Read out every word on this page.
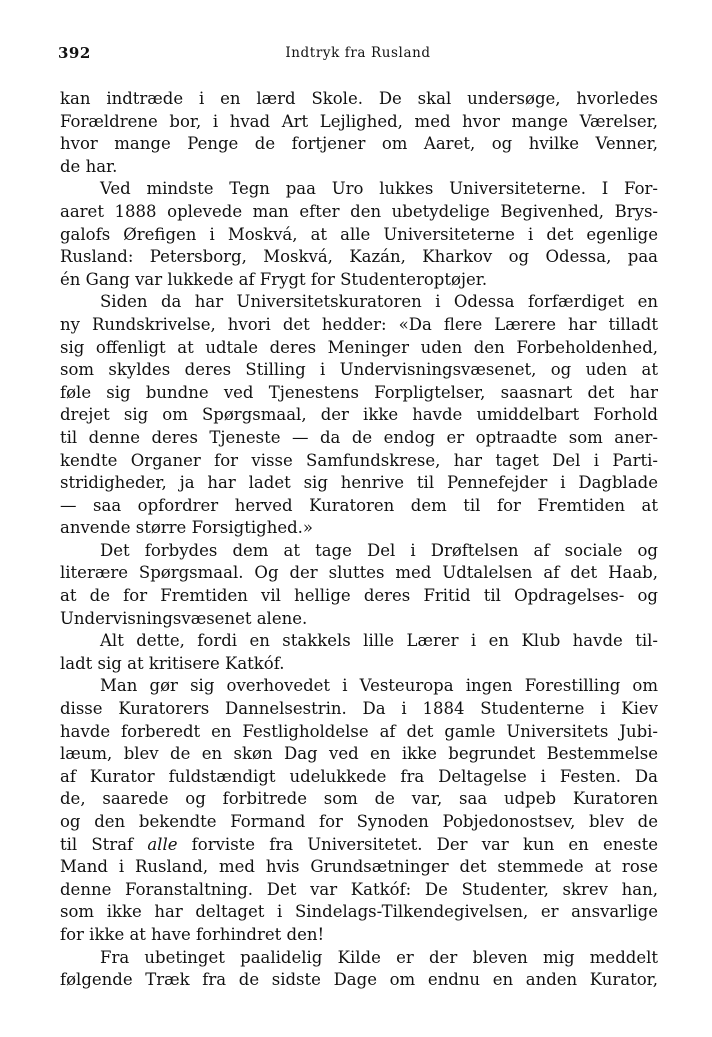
392	Indtryk fra Rusland
kan indtræde i en lærd Skole. De skal undersøge, hvorledes
Forældrene bor, i hvad Art Lejlighed, med hvor mange Værelser,
hvor mange Penge de fortjener om Aaret, og hvilke Venner,
de har.
Ved mindste Tegn paa Uro lukkes Universiteterne. I For-
aaret 1888 oplevede man efter den ubetydelige Begivenhed, Brys-
galofs Ørefigen i Moskvá, at alle Universiteterne i det egenlige
Rusland: Petersborg, Moskvá, Kazán, Kharkov og Odessa, paa
én Gang var lukkede af Frygt for Studenteroptøjer.
Siden da har Universitetskuratoren i Odessa forfærdiget en
ny Rundskrivelse, hvori det hedder: «Da flere Lærere har tilladt
sig offenligt at udtale deres Meninger uden den Forbeholdenhed,
som skyldes deres Stilling i Undervisningsvæsenet, og uden at
føle sig bundne ved Tjenestens Forpligtelser, saasnart det har
drejet sig om Spørgsmaal, der ikke havde umiddelbart Forhold
til denne deres Tjeneste — da de endog er optraadte som aner-
kendte Organer for visse Samfundskrese, har taget Del i Parti-
stridigheder, ja har ladet sig henrive til Pennefejder i Dagblade
— saa opfordrer herved Kuratoren dem til for Fremtiden at
anvende større Forsigtighed.»
Det forbydes dem at tage Del i Drøftelsen af sociale og
literære Spørgsmaal. Og der sluttes med Udtalelsen af det Haab,
at de for Fremtiden vil hellige deres Fritid til Opdragelses- og
Undervisningsvæsenet alene.
Alt dette, fordi en stakkels lille Lærer i en Klub havde til-
ladt sig at kritisere Katkóf.
Man gør sig overhovedet i Vesteuropa ingen Forestilling om
disse Kuratorers Dannelsestrin. Da i 1884 Studenterne i Kiev
havde forberedt en Festligholdelse af det gamle Universitets Jubi-
læum, blev de en skøn Dag ved en ikke begrundet Bestemmelse
af Kurator fuldstændigt udelukkede fra Deltagelse i Festen. Da
de, saarede og forbitrede som de var, saa udpeb Kuratoren
og den bekendte Formand for Synoden Pobjedonostsev, blev de
til Straf alle forviste fra Universitetet. Der var kun en eneste
Mand i Rusland, med hvis Grundsætninger det stemmede at rose
denne Foranstaltning. Det var Katkóf: De Studenter, skrev han,
som ikke har deltaget i Sindelags-Tilkendegivelsen, er ansvarlige
for ikke at have forhindret den!
Fra ubetinget paalidelig Kilde er der bleven mig meddelt
følgende Træk fra de sidste Dage om endnu en anden Kurator,
